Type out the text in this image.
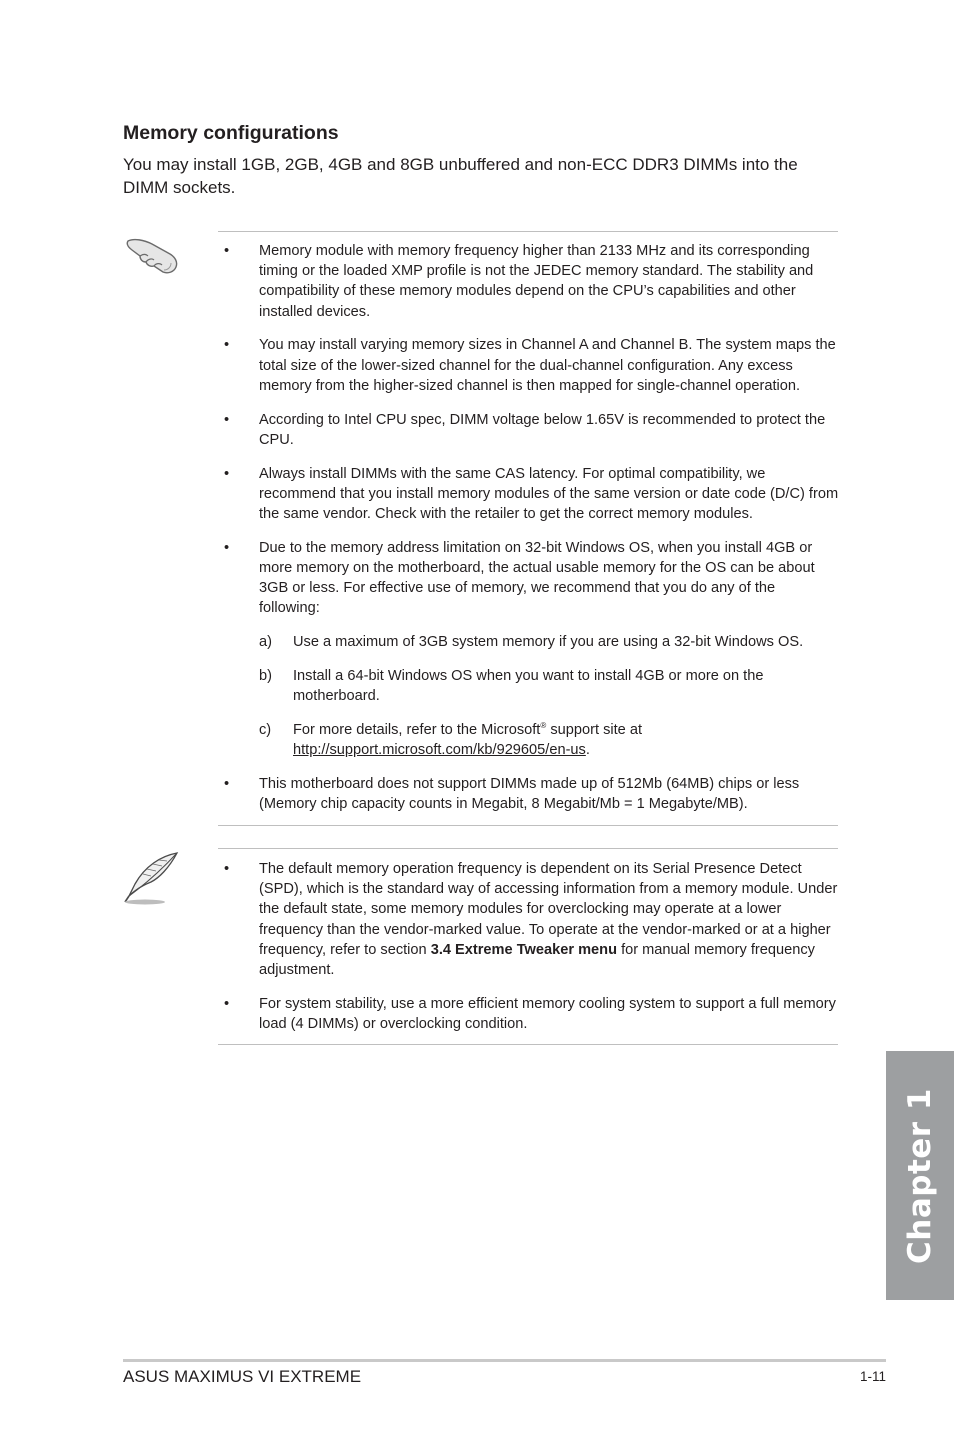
Memory configurations

You may install 1GB, 2GB, 4GB and 8GB unbuffered and non-ECC DDR3 DIMMs into the DIMM sockets.

• Memory module with memory frequency higher than 2133 MHz and its corresponding timing or the loaded XMP profile is not the JEDEC memory standard. The stability and compatibility of these memory modules depend on the CPU’s capabilities and other installed devices.
• You may install varying memory sizes in Channel A and Channel B. The system maps the total size of the lower-sized channel for the dual-channel configuration. Any excess memory from the higher-sized channel is then mapped for single-channel operation.
• According to Intel CPU spec, DIMM voltage below 1.65V is recommended to protect the CPU.
• Always install DIMMs with the same CAS latency. For optimal compatibility, we recommend that you install memory modules of the same version or date code (D/C) from the same vendor. Check with the retailer to get the correct memory modules.
• Due to the memory address limitation on 32-bit Windows OS, when you install 4GB or more memory on the motherboard, the actual usable memory for the OS can be about 3GB or less. For effective use of memory, we recommend that you do any of the following:
a) Use a maximum of 3GB system memory if you are using a 32-bit Windows OS.
b) Install a 64-bit Windows OS when you want to install 4GB or more on the motherboard.
c) For more details, refer to the Microsoft® support site at http://support.microsoft.com/kb/929605/en-us.
• This motherboard does not support DIMMs made up of 512Mb (64MB) chips or less (Memory chip capacity counts in Megabit, 8 Megabit/Mb = 1 Megabyte/MB).
• The default memory operation frequency is dependent on its Serial Presence Detect (SPD), which is the standard way of accessing information from a memory module. Under the default state, some memory modules for overclocking may operate at a lower frequency than the vendor-marked value. To operate at the vendor-marked or at a higher frequency, refer to section 3.4 Extreme Tweaker menu for manual memory frequency adjustment.
• For system stability, use a more efficient memory cooling system to support a full memory load (4 DIMMs) or overclocking condition.
Chapter 1
ASUS MAXIMUS VI EXTREME	1-11
